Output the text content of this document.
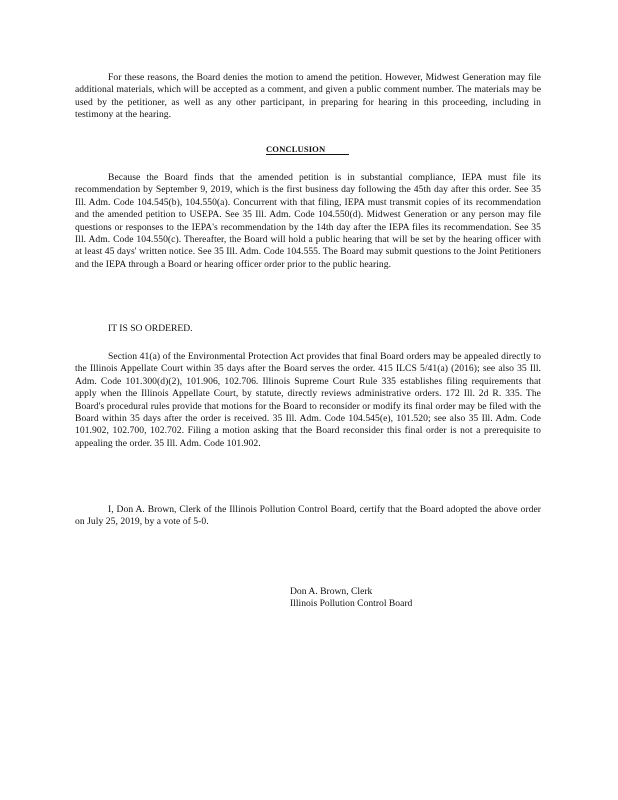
For these reasons, the Board denies the motion to amend the petition. However, Midwest Generation may file additional materials, which will be accepted as a comment, and given a public comment number. The materials may be used by the petitioner, as well as any other participant, in preparing for hearing in this proceeding, including in testimony at the hearing.

CONCLUSION

Because the Board finds that the amended petition is in substantial compliance, IEPA must file its recommendation by September 9, 2019, which is the first business day following the 45th day after this order. See 35 Ill. Adm. Code 104.545(b), 104.550(a). Concurrent with that filing, IEPA must transmit copies of its recommendation and the amended petition to USEPA. See 35 Ill. Adm. Code 104.550(d). Midwest Generation or any person may file questions or responses to the IEPA's recommendation by the 14th day after the IEPA files its recommendation. See 35 Ill. Adm. Code 104.550(c). Thereafter, the Board will hold a public hearing that will be set by the hearing officer with at least 45 days' written notice. See 35 Ill. Adm. Code 104.555. The Board may submit questions to the Joint Petitioners and the IEPA through a Board or hearing officer order prior to the public hearing.

IT IS SO ORDERED.

Section 41(a) of the Environmental Protection Act provides that final Board orders may be appealed directly to the Illinois Appellate Court within 35 days after the Board serves the order. 415 ILCS 5/41(a) (2016); see also 35 Ill. Adm. Code 101.300(d)(2), 101.906, 102.706. Illinois Supreme Court Rule 335 establishes filing requirements that apply when the Illinois Appellate Court, by statute, directly reviews administrative orders. 172 Ill. 2d R. 335. The Board's procedural rules provide that motions for the Board to reconsider or modify its final order may be filed with the Board within 35 days after the order is received. 35 Ill. Adm. Code 104.545(e), 101.520; see also 35 Ill. Adm. Code 101.902, 102.700, 102.702. Filing a motion asking that the Board reconsider this final order is not a prerequisite to appealing the order. 35 Ill. Adm. Code 101.902.

I, Don A. Brown, Clerk of the Illinois Pollution Control Board, certify that the Board adopted the above order on July 25, 2019, by a vote of 5-0.

Don A. Brown, Clerk

Illinois Pollution Control Board
